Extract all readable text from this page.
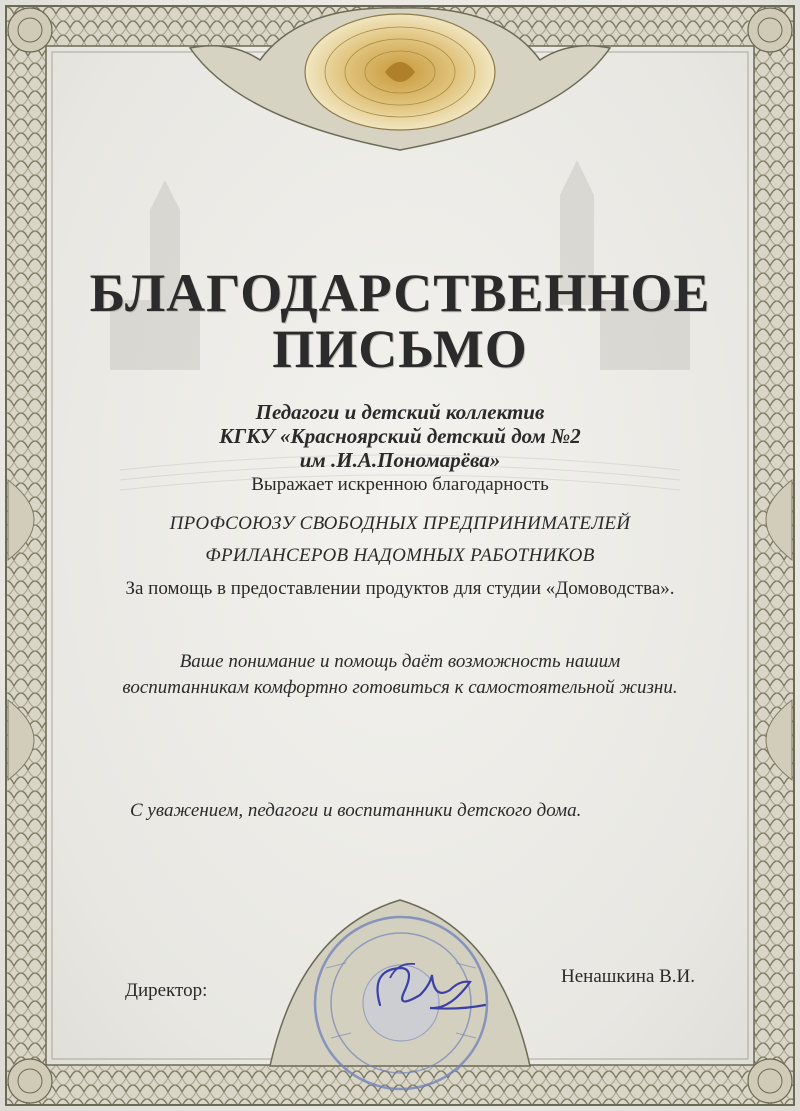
БЛАГОДАРСТВЕННОЕ
ПИСЬМО

Педагоги и детский коллектив

КГКУ «Красноярский детский дом №2

им .И.А.Пономарёва»

Выражает искренною благодарность

ПРОФСОЮЗУ СВОБОДНЫХ ПРЕДПРИНИМАТЕЛЕЙ

ФРИЛАНСЕРОВ НАДОМНЫХ РАБОТНИКОВ

За помощь в предоставлении продуктов для студии «Домоводства».

Ваше понимание и помощь даёт возможность нашим

воспитанникам комфортно готовиться к самостоятельной жизни.

С уважением, педагоги и воспитанники детского дома.

Директор:

Ненашкина В.И.
